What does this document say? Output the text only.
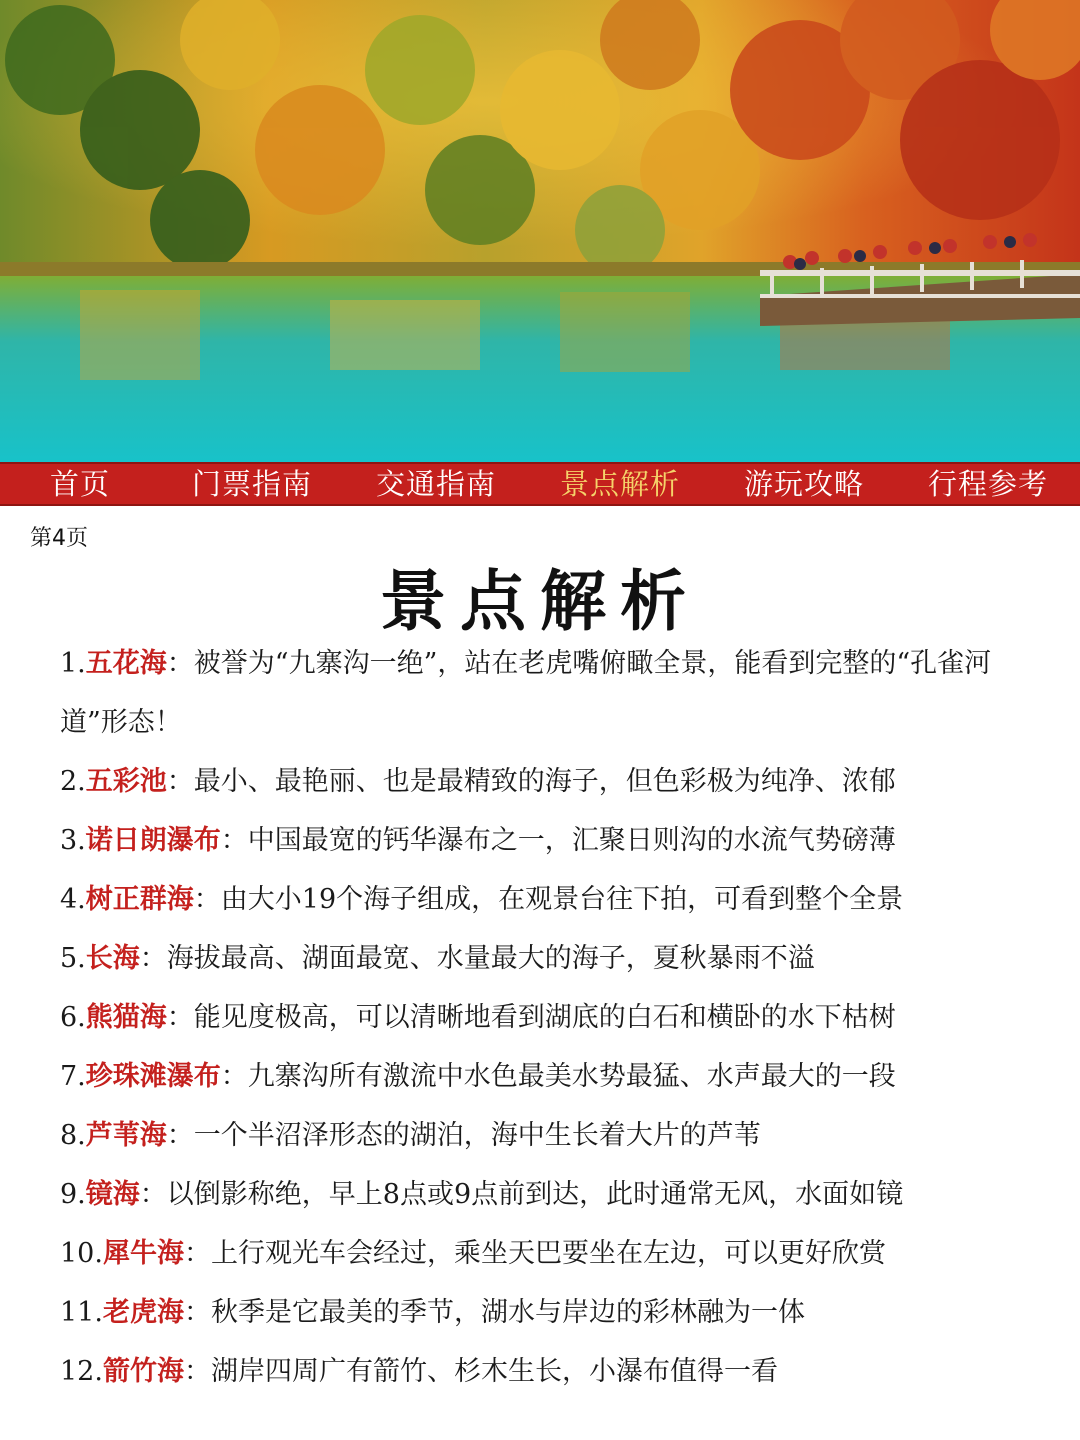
首页	门票指南	交通指南	景点解析	游玩攻略	行程参考
第4页
景点解析
1.五花海：被誉为“九寨沟一绝”，站在老虎嘴俯瞰全景，能看到完整的“孔雀河道”形态！
2.五彩池：最小、最艳丽、也是最精致的海子，但色彩极为纯净、浓郁
3.诺日朗瀑布：中国最宽的钙华瀑布之一，汇聚日则沟的水流气势磅薄
4.树正群海：由大小19个海子组成，在观景台往下拍，可看到整个全景
5.长海：海拔最高、湖面最宽、水量最大的海子，夏秋暴雨不溢
6.熊猫海：能见度极高，可以清晰地看到湖底的白石和横卧的水下枯树
7.珍珠滩瀑布：九寨沟所有激流中水色最美水势最猛、水声最大的一段
8.芦苇海：一个半沼泽形态的湖泊，海中生长着大片的芦苇
9.镜海：以倒影称绝，早上8点或9点前到达，此时通常无风，水面如镜
10.犀牛海：上行观光车会经过，乘坐天巴要坐在左边，可以更好欣赏
11.老虎海：秋季是它最美的季节，湖水与岸边的彩林融为一体
12.箭竹海：湖岸四周广有箭竹、杉木生长，小瀑布值得一看
